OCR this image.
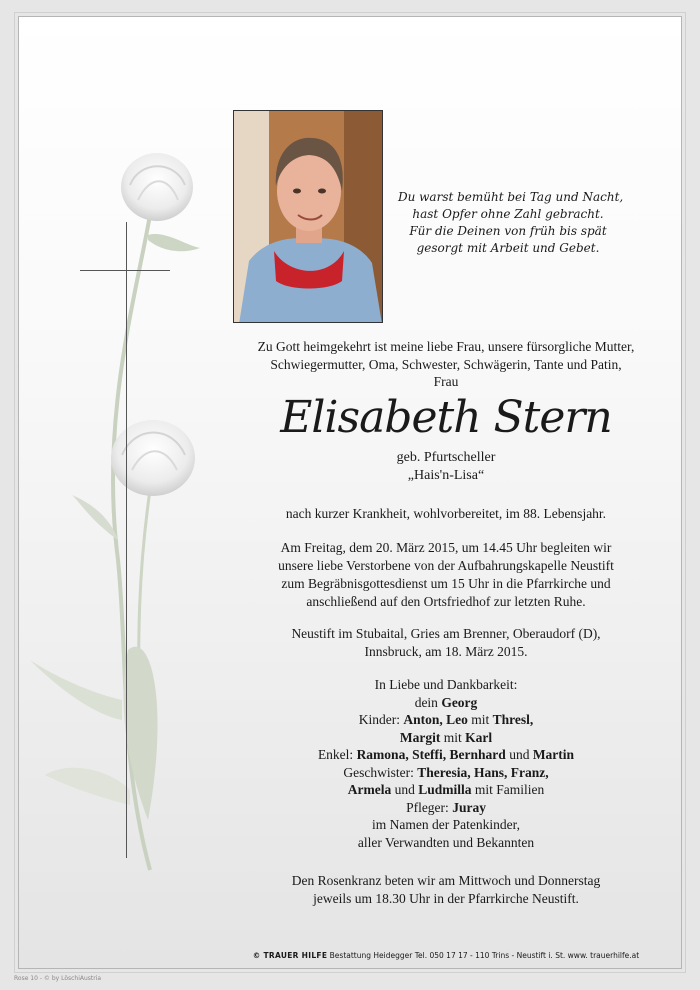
Du warst bemüht bei Tag und Nacht,
hast Opfer ohne Zahl gebracht.
Für die Deinen von früh bis spät
gesorgt mit Arbeit und Gebet.
Zu Gott heimgekehrt ist meine liebe Frau, unsere fürsorgliche Mutter,
Schwiegermutter, Oma, Schwester, Schwägerin, Tante und Patin,
Frau
Elisabeth Stern
geb. Pfurtscheller
„Hais'n-Lisa“
nach kurzer Krankheit, wohlvorbereitet, im 88. Lebensjahr.
Am Freitag, dem 20. März 2015, um 14.45 Uhr begleiten wir
unsere liebe Verstorbene von der Aufbahrungskapelle Neustift
zum Begräbnisgottesdienst um 15 Uhr in die Pfarrkirche und
anschließend auf den Ortsfriedhof zur letzten Ruhe.
Neustift im Stubaital, Gries am Brenner, Oberaudorf (D),
Innsbruck, am 18. März 2015.
In Liebe und Dankbarkeit:
dein Georg
Kinder: Anton, Leo mit Thresl,
Margit mit Karl
Enkel: Ramona, Steffi, Bernhard und Martin
Geschwister: Theresia, Hans, Franz,
Armela und Ludmilla mit Familien
Pfleger: Juray
im Namen der Patenkinder,
aller Verwandten und Bekannten
Den Rosenkranz beten wir am Mittwoch und Donnerstag
jeweils um 18.30 Uhr in der Pfarrkirche Neustift.
© TRAUER HILFE Bestattung Heidegger Tel. 050 17 17 - 110 Trins - Neustift i. St. www. trauerhilfe.at
Rose 10 - © by LöschiAustria
